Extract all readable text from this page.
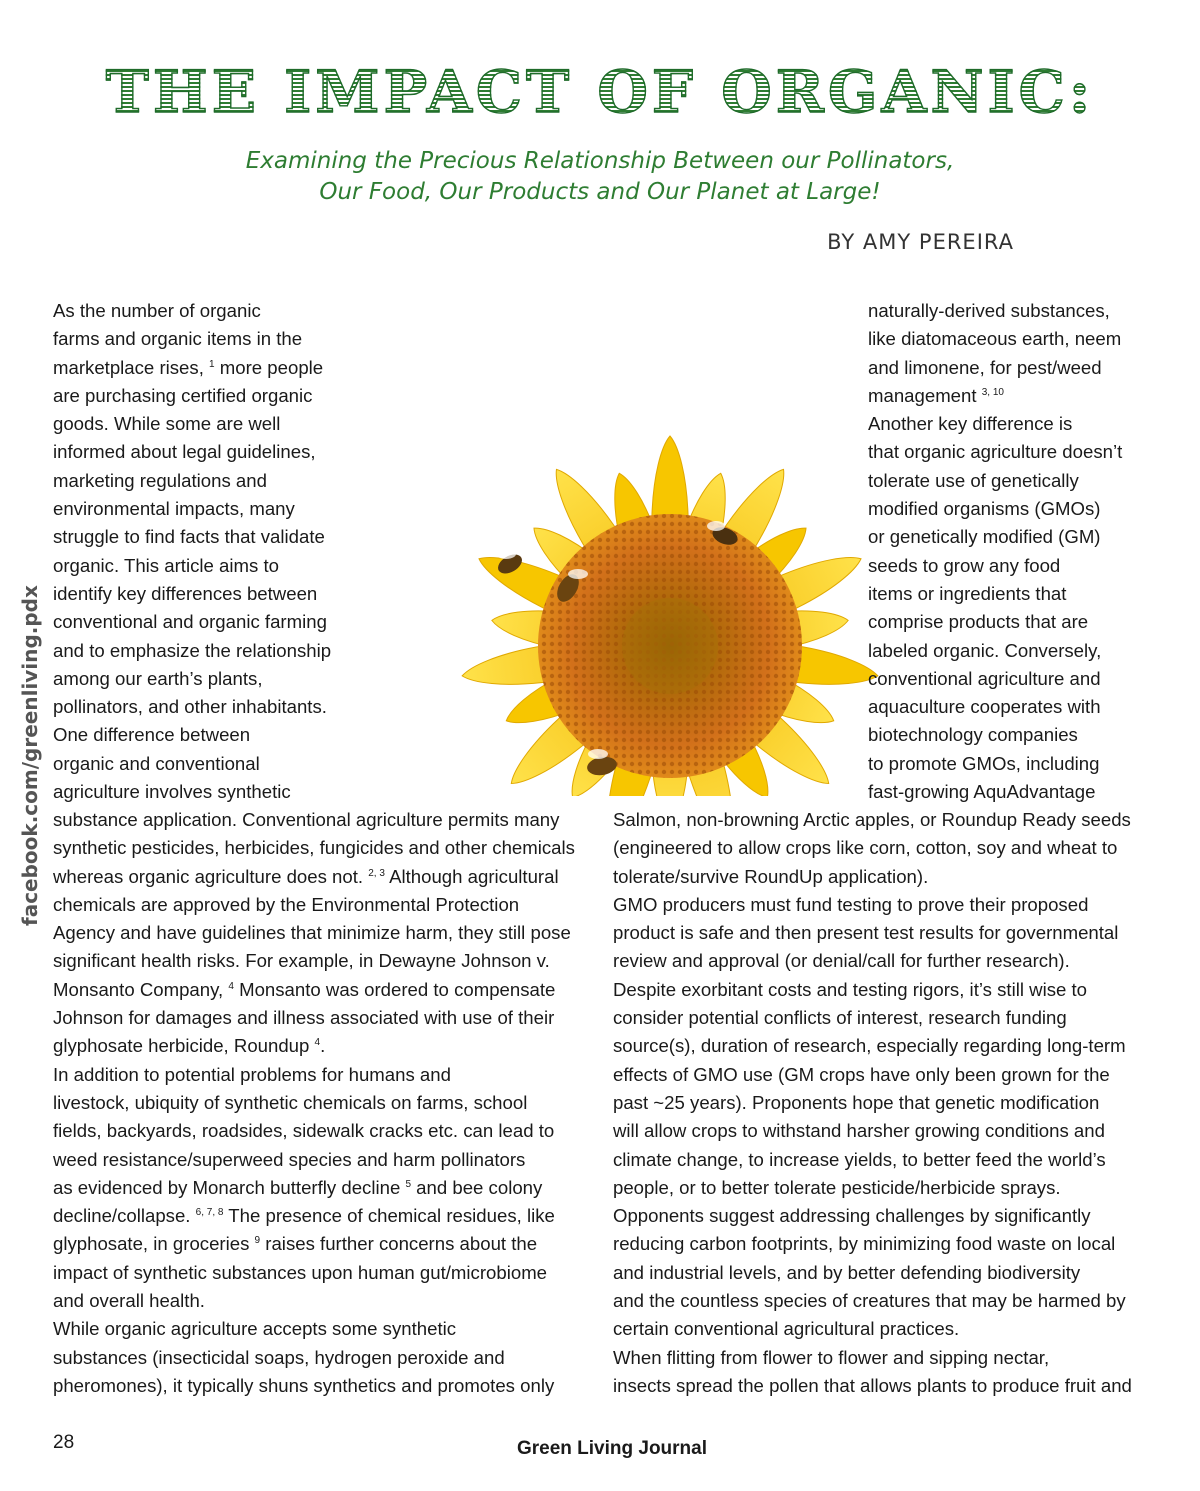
THE IMPACT OF ORGANIC:
Examining the Precious Relationship Between our Pollinators,
Our Food, Our Products and Our Planet at Large!
BY AMY PEREIRA
facebook.com/greenliving.pdx
As the number of organic
farms and organic items in the
marketplace rises, $^1$ more people
are purchasing certified organic
goods. While some are well
informed about legal guidelines,
marketing regulations and
environmental impacts, many
struggle to find facts that validate
organic. This article aims to
identify key differences between
conventional and organic farming
and to emphasize the relationship
among our earth’s plants,
pollinators, and other inhabitants.
One difference between
organic and conventional
agriculture involves synthetic
naturally-derived substances,
like diatomaceous earth, neem
and limonene, for pest/weed
management $^{3, 10}$
Another key difference is
that organic agriculture doesn’t
tolerate use of genetically
modified organisms (GMOs)
or genetically modified (GM)
seeds to grow any food
items or ingredients that
comprise products that are
labeled organic. Conversely,
conventional agriculture and
aquaculture cooperates with
biotechnology companies
to promote GMOs, including
fast-growing AquAdvantage
substance application. Conventional agriculture permits many
synthetic pesticides, herbicides, fungicides and other chemicals
whereas organic agriculture does not. $^{2, 3}$ Although agricultural
chemicals are approved by the Environmental Protection
Agency and have guidelines that minimize harm, they still pose
significant health risks. For example, in Dewayne Johnson v.
Monsanto Company, $^4$ Monsanto was ordered to compensate
Johnson for damages and illness associated with use of their
glyphosate herbicide, Roundup $^4$.
In addition to potential problems for humans and
livestock, ubiquity of synthetic chemicals on farms, school
fields, backyards, roadsides, sidewalk cracks etc. can lead to
weed resistance/superweed species and harm pollinators
as evidenced by Monarch butterfly decline $^5$ and bee colony
decline/collapse. $^{6, 7, 8}$ The presence of chemical residues, like
glyphosate, in groceries $^9$ raises further concerns about the
impact of synthetic substances upon human gut/microbiome
and overall health.
While organic agriculture accepts some synthetic
substances (insecticidal soaps, hydrogen peroxide and
pheromones), it typically shuns synthetics and promotes only
Salmon, non-browning Arctic apples, or Roundup Ready seeds
(engineered to allow crops like corn, cotton, soy and wheat to
tolerate/survive RoundUp application).
GMO producers must fund testing to prove their proposed
product is safe and then present test results for governmental
review and approval (or denial/call for further research).
Despite exorbitant costs and testing rigors, it’s still wise to
consider potential conflicts of interest, research funding
source(s), duration of research, especially regarding long-term
effects of GMO use (GM crops have only been grown for the
past ~25 years). Proponents hope that genetic modification
will allow crops to withstand harsher growing conditions and
climate change, to increase yields, to better feed the world’s
people, or to better tolerate pesticide/herbicide sprays.
Opponents suggest addressing challenges by significantly
reducing carbon footprints, by minimizing food waste on local
and industrial levels, and by better defending biodiversity
and the countless species of creatures that may be harmed by
certain conventional agricultural practices.
When flitting from flower to flower and sipping nectar,
insects spread the pollen that allows plants to produce fruit and
28	Green Living Journal
